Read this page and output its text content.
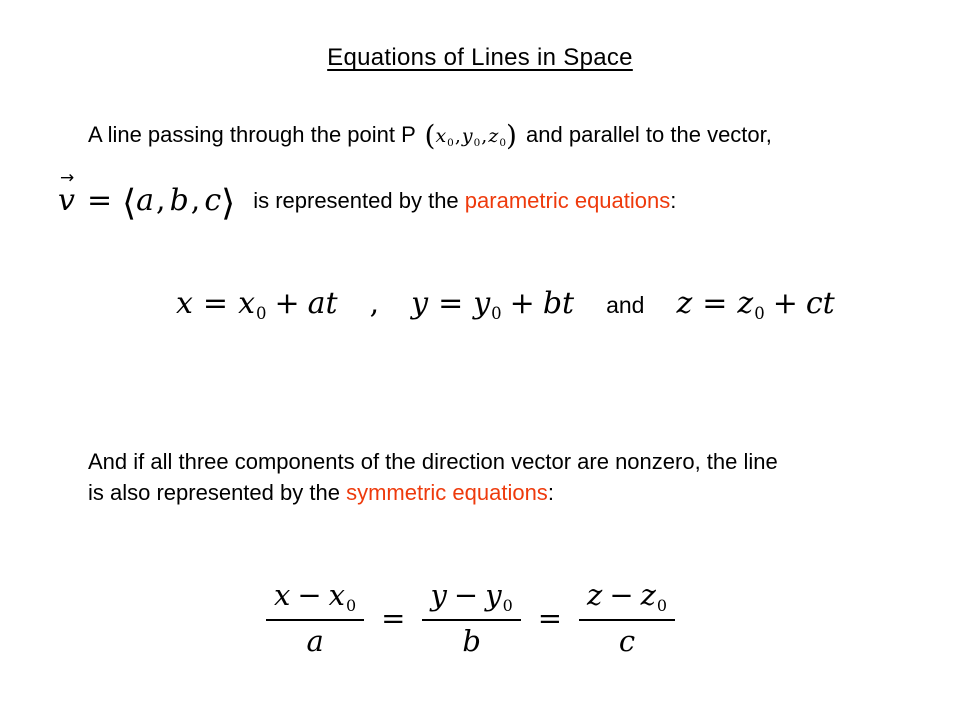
Equations of Lines in Space

A line passing through the point P $(x_0,y_0,z_0)$ and parallel to the vector,

→
v = ⟨a, b, c⟩ is represented by the parametric equations:
$x = x_0$ + at , $y = y_0$ + bt and $z = z_0$ + ct

And if all three components of the direction vector are nonzero, the line
is also represented by the symmetric equations:

$\frac{x - x_0}{a} = \frac{y - y_0}{b} = \frac{z - z_0}{c}$
